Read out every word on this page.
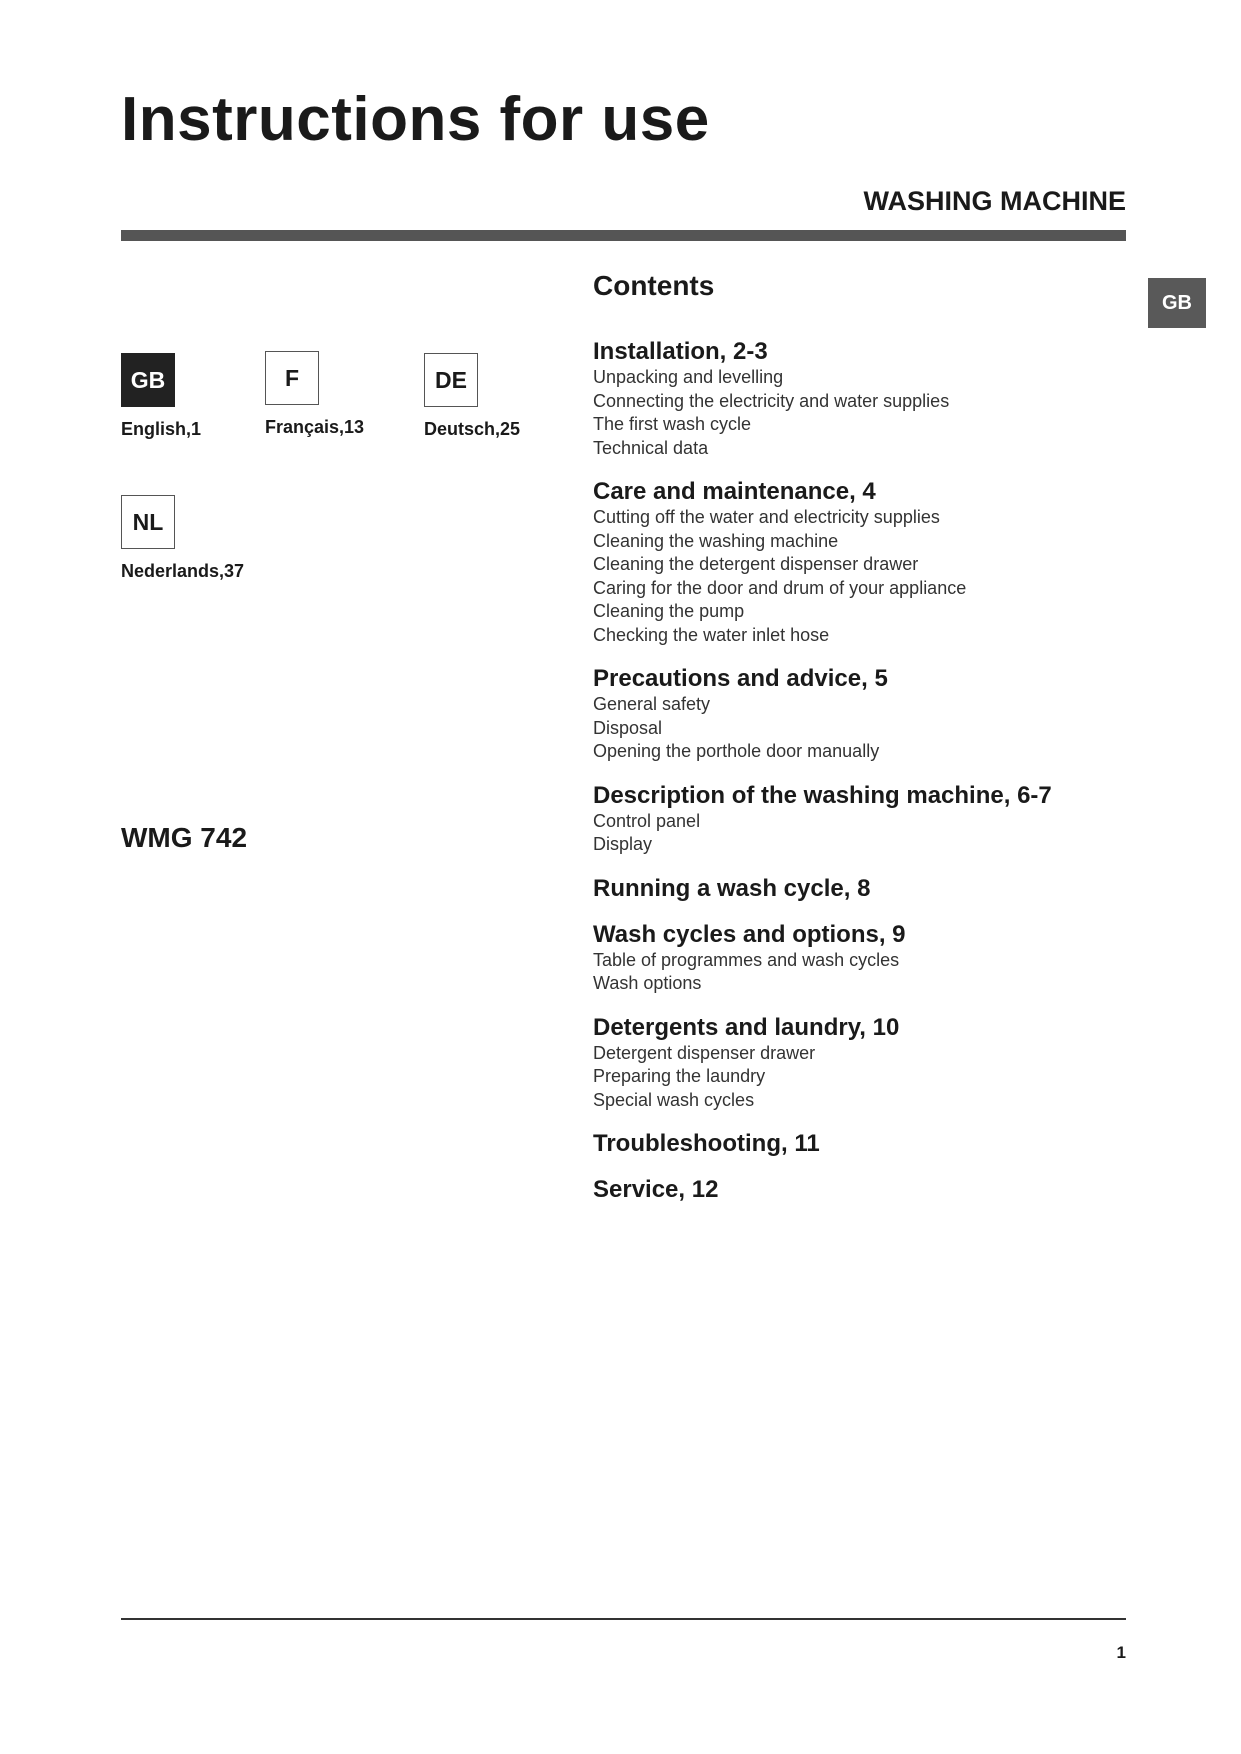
Instructions for use
WASHING MACHINE
GB
GB
English,1
F
Français,13
DE
Deutsch,25
NL
Nederlands,37
WMG 742
Contents
Installation, 2-3
Unpacking and levelling
Connecting the electricity and water supplies
The first wash cycle
Technical data
Care and maintenance, 4
Cutting off the water and electricity supplies
Cleaning the washing machine
Cleaning the detergent dispenser drawer
Caring for the door and drum of your appliance
Cleaning the pump
Checking the water inlet hose
Precautions and advice, 5
General safety
Disposal
Opening the porthole door manually
Description of the washing machine, 6-7
Control panel
Display
Running a wash cycle, 8
Wash cycles and options, 9
Table of programmes and wash cycles
Wash options
Detergents and laundry, 10
Detergent dispenser drawer
Preparing the laundry
Special wash cycles
Troubleshooting, 11
Service, 12
1
